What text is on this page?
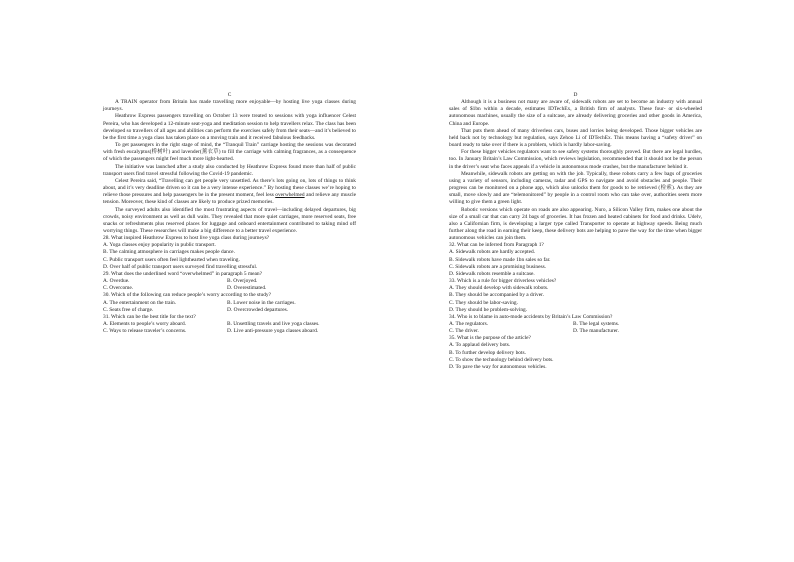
C

A TRAIN operator from Britain has made travelling more enjoyable—by hosting live yoga classes during journeys.

Heathrow Express passengers travelling on October 13 were treated to sessions with yoga influencer Celest Pereira, who has developed a 12-minute seat-yoga and meditation session to help travellers relax. The class has been developed so travellers of all ages and abilities can perform the exercises safely from their seats—and it’s believed to be the first time a yoga class has taken place on a moving train and it received fabulous feedbacks.

To get passengers in the right stage of mind, the “Tranquil Train” carriage hosting the sessions was decorated with fresh eucalyptus(桥树叶) and lavender(薰衣草) to fill the carriage with calming fragrances, as a consequence of which the passengers might feel much more light-hearted.

The initiative was launched after a study also conducted by Heathrow Express found more than half of public transport users find travel stressful following the Covid-19 pandemic.

Celest Pereira said, “Travelling can get people very unsettled. As there’s lots going on, lots of things to think about, and it’s very deadline driven so it can be a very intense experience.” By hosting these classes we’re hoping to relieve those pressures and help passengers be in the present moment, feel less overwhelmed and relieve any muscle tension. Moreover, these kind of classes are likely to produce prized memories.

The surveyed adults also identified the most frustrating aspects of travel—including delayed departures, big crowds, noisy environment as well as dull waits. They revealed that more quiet carriages, more reserved seats, free snacks or refreshments plus reserved places for luggage and onboard entertainment contributed to taking mind off worrying things. These researches will make a big difference to a better travel experience.

28. What inspired Heathrow Express to host live yoga class during journeys?

A. Yoga classes enjoy popularity in public transport.

B. The calming atmosphere in carriages makes people dance.

C. Public transport users often feel lighthearted when traveling.

D. Over half of public transport users surveyed find travelling stressful.

29. What does the underlined word “overwhelmed” in paragraph 5 mean?

A. Overdue.	B. Overjoyed.
C. Overcome.	D. Overestimated.

30. Which of the following can reduce people’s worry according to the study?

A. The entertainment on the train.	B. Lower noise in the carriages.
C. Seats free of charge.	D. Overcrowded departures.

31. Which can be the best title for the text?

A. Elements to people’s worry aboard.	B. Unsettling travels and live yoga classes.
C. Ways to release traveler’s concerns.	D. Live anti-pressure yoga classes aboard.

D

Although it is a business not many are aware of, sidewalk robots are set to become an industry with annual sales of $1bn within a decade, estimates IDTechEx, a British firm of analysts. These four- or six-wheeled autonomous machines, usually the size of a suitcase, are already delivering groceries and other goods in America, China and Europe.

That puts them ahead of many driverless cars, buses and lorries being developed. Those bigger vehicles are held back not by technology but regulation, says Zehoo Li of IDTechEx. This means having a “safety driver” on board ready to take over if there is a problem, which is hardly labor-saving.

For these bigger vehicles regulators want to see safety systems thoroughly proved. But there are legal hurdles, too. In January Britain’s Law Commission, which reviews legislation, recommended that it should not be the person in the driver’s seat who faces appeals if a vehicle in autonomous mode crashes, but the manufacturer behind it.

Meanwhile, sidewalk robots are getting on with the job. Typically, these robots carry a few bags of groceries using a variety of sensors, including cameras, radar and GPS to navigate and avoid obstacles and people. Their progress can be monitored on a phone app, which also unlocks them for goods to be retrieved (检索). As they are small, move slowly and are “telemonitored” by people in a control room who can take over, authorities seem more willing to give them a green light.

Robotic versions which operate on roads are also appearing. Nuro, a Silicon Valley firm, makes one about the size of a small car that can carry 24 bags of groceries. It has frozen and heated cabinets for food and drinks. Udelv, also a Californian firm, is developing a larger type called Transporter to operate at highway speeds. Being much further along the road in earning their keep, these delivery bots are helping to pave the way for the time when bigger autonomous vehicles can join them.

32. What can be inferred from Paragraph 1?

A. Sidewalk robots are hardly accepted.

B. Sidewalk robots have made 1bn sales so far.

C. Sidewalk robots are a promising business.

D. Sidewalk robots resemble a suitcase.

33. Which is a rule for bigger driverless vehicles?

A. They should develop with sidewalk robots.

B. They should be accompanied by a driver.

C. They should be labor-saving.

D. They should be problem-solving.

34. Who is to blame in auto-mode accidents by Britain’s Law Commission?

A. The regulators.	B. The legal systems.
C. The driver.	D. The manufacturer.

35. What is the purpose of the article?

A. To applaud delivery bots.

B. To further develop delivery bots.

C. To show the technology behind delivery bots.

D. To pave the way for autonomous vehicles.
